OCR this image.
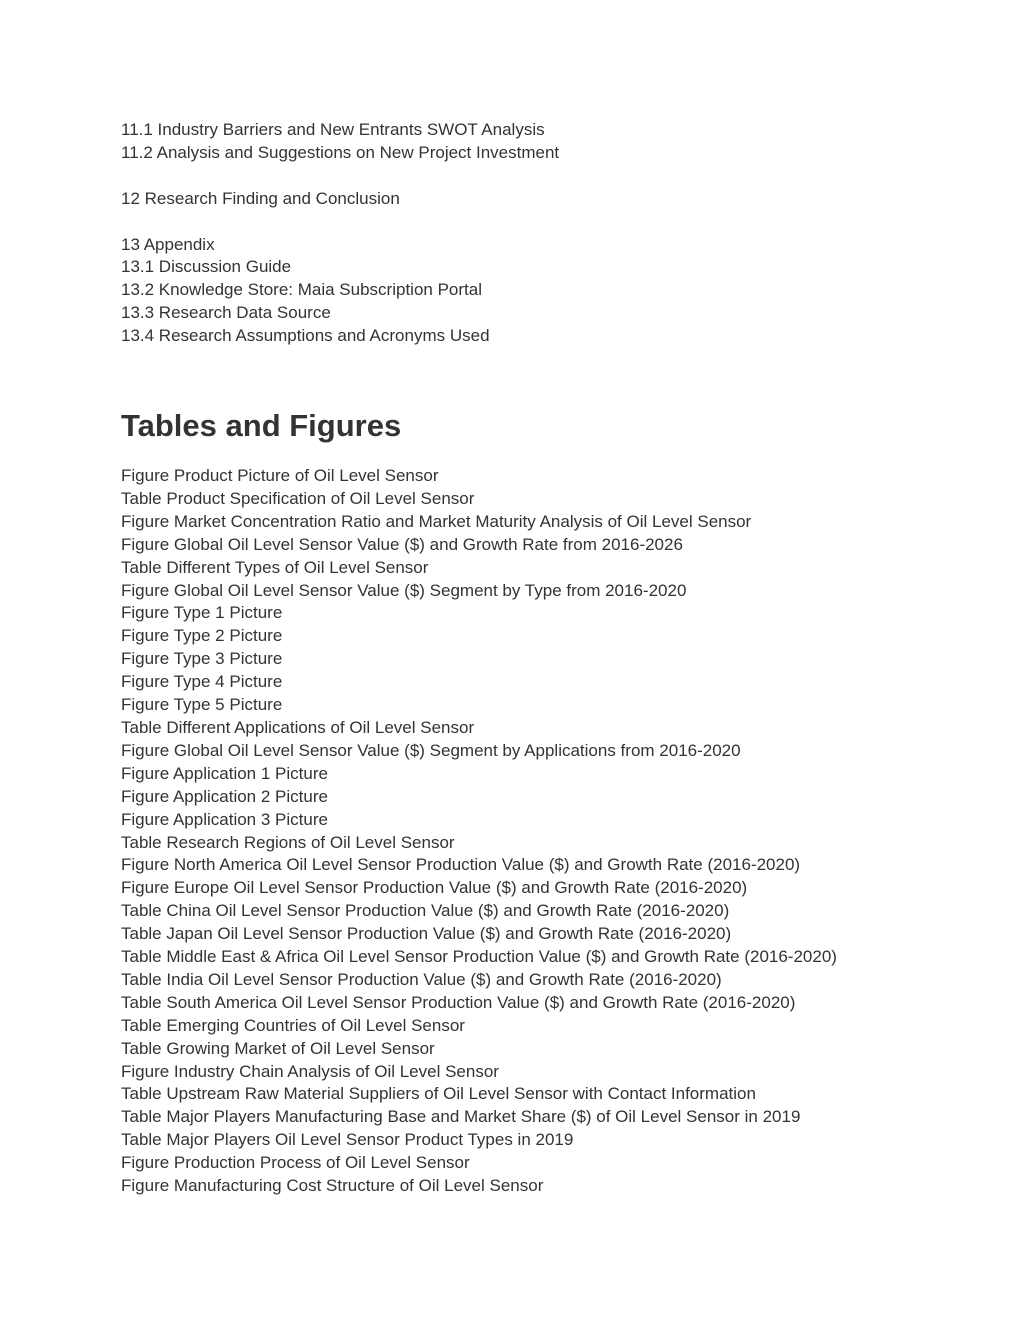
11.1 Industry Barriers and New Entrants SWOT Analysis
11.2 Analysis and Suggestions on New Project Investment
12 Research Finding and Conclusion
13 Appendix
13.1 Discussion Guide
13.2 Knowledge Store: Maia Subscription Portal
13.3 Research Data Source
13.4 Research Assumptions and Acronyms Used
Tables and Figures
Figure Product Picture of Oil Level Sensor
Table Product Specification of Oil Level Sensor
Figure Market Concentration Ratio and Market Maturity Analysis of Oil Level Sensor
Figure Global Oil Level Sensor Value ($) and Growth Rate from 2016-2026
Table Different Types of Oil Level Sensor
Figure Global Oil Level Sensor Value ($) Segment by Type from 2016-2020
Figure Type 1 Picture
Figure Type 2 Picture
Figure Type 3 Picture
Figure Type 4 Picture
Figure Type 5 Picture
Table Different Applications of Oil Level Sensor
Figure Global Oil Level Sensor Value ($) Segment by Applications from 2016-2020
Figure Application 1 Picture
Figure Application 2 Picture
Figure Application 3 Picture
Table Research Regions of Oil Level Sensor
Figure North America Oil Level Sensor Production Value ($) and Growth Rate (2016-2020)
Figure Europe Oil Level Sensor Production Value ($) and Growth Rate (2016-2020)
Table China Oil Level Sensor Production Value ($) and Growth Rate (2016-2020)
Table Japan Oil Level Sensor Production Value ($) and Growth Rate (2016-2020)
Table Middle East & Africa Oil Level Sensor Production Value ($) and Growth Rate (2016-2020)
Table India Oil Level Sensor Production Value ($) and Growth Rate (2016-2020)
Table South America Oil Level Sensor Production Value ($) and Growth Rate (2016-2020)
Table Emerging Countries of Oil Level Sensor
Table Growing Market of Oil Level Sensor
Figure Industry Chain Analysis of Oil Level Sensor
Table Upstream Raw Material Suppliers of Oil Level Sensor with Contact Information
Table Major Players Manufacturing Base and Market Share ($) of Oil Level Sensor in 2019
Table Major Players Oil Level Sensor Product Types in 2019
Figure Production Process of Oil Level Sensor
Figure Manufacturing Cost Structure of Oil Level Sensor
